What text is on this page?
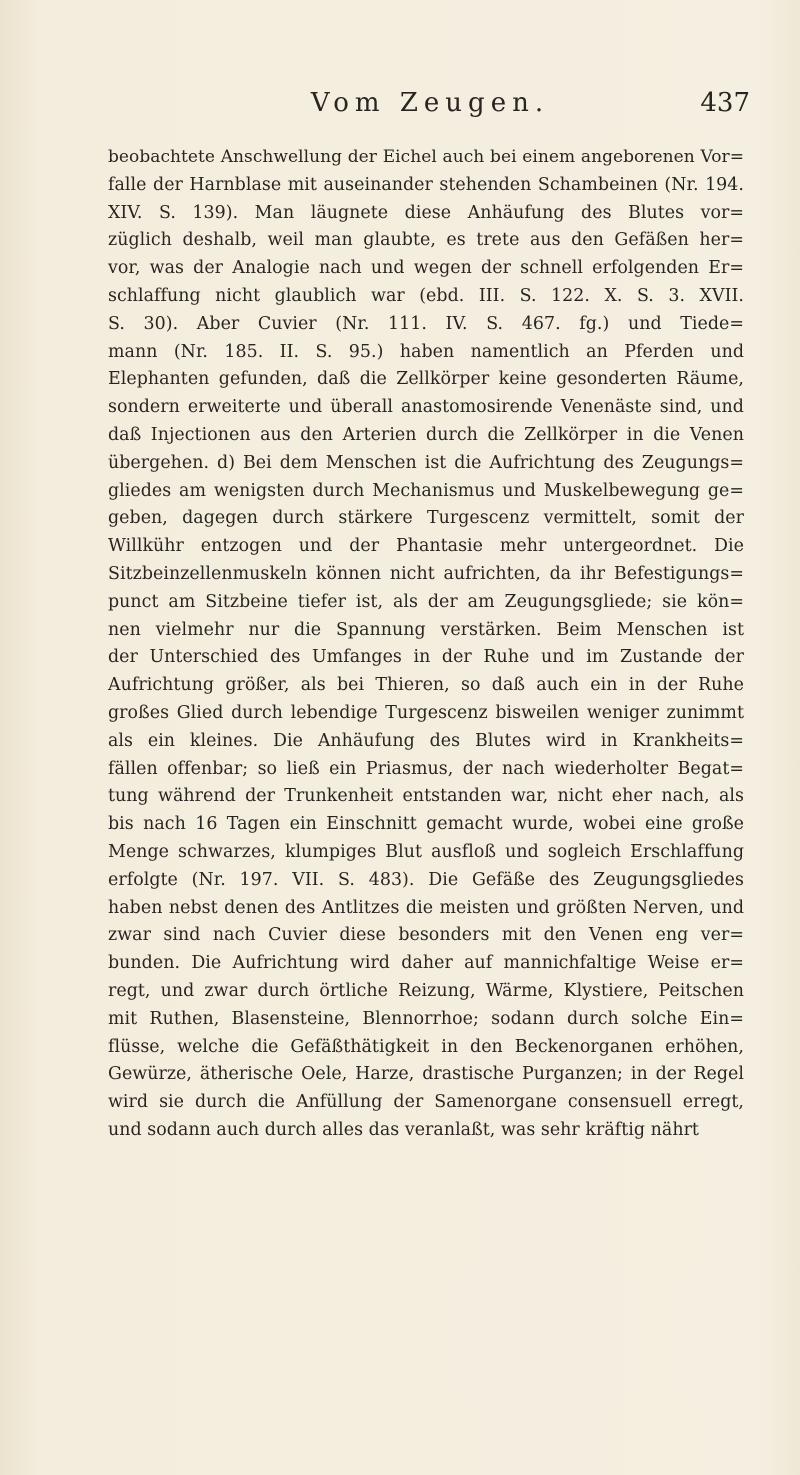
Vom Zeugen.	437
beobachtete Anschwellung der Eichel auch bei einem angeborenen Vor=
falle der Harnblase mit auseinander stehenden Schambeinen (Nr. 194.
XIV. S. 139). Man läugnete diese Anhäufung des Blutes vor=
züglich deshalb, weil man glaubte, es trete aus den Gefäßen her=
vor, was der Analogie nach und wegen der schnell erfolgenden Er=
schlaffung nicht glaublich war (ebd. III. S. 122. X. S. 3. XVII.
S. 30). Aber Cuvier (Nr. 111. IV. S. 467. fg.) und Tiede=
mann (Nr. 185. II. S. 95.) haben namentlich an Pferden und
Elephanten gefunden, daß die Zellkörper keine gesonderten Räume,
sondern erweiterte und überall anastomosirende Venenäste sind, und
daß Injectionen aus den Arterien durch die Zellkörper in die Venen
übergehen. d) Bei dem Menschen ist die Aufrichtung des Zeugungs=
gliedes am wenigsten durch Mechanismus und Muskelbewegung ge=
geben, dagegen durch stärkere Turgescenz vermittelt, somit der
Willkühr entzogen und der Phantasie mehr untergeordnet. Die
Sitzbeinzellenmuskeln können nicht aufrichten, da ihr Befestigungs=
punct am Sitzbeine tiefer ist, als der am Zeugungsgliede; sie kön=
nen vielmehr nur die Spannung verstärken. Beim Menschen ist
der Unterschied des Umfanges in der Ruhe und im Zustande der
Aufrichtung größer, als bei Thieren, so daß auch ein in der Ruhe
großes Glied durch lebendige Turgescenz bisweilen weniger zunimmt
als ein kleines. Die Anhäufung des Blutes wird in Krankheits=
fällen offenbar; so ließ ein Priasmus, der nach wiederholter Begat=
tung während der Trunkenheit entstanden war, nicht eher nach, als
bis nach 16 Tagen ein Einschnitt gemacht wurde, wobei eine große
Menge schwarzes, klumpiges Blut ausfloß und sogleich Erschlaffung
erfolgte (Nr. 197. VII. S. 483). Die Gefäße des Zeugungsgliedes
haben nebst denen des Antlitzes die meisten und größten Nerven, und
zwar sind nach Cuvier diese besonders mit den Venen eng ver=
bunden. Die Aufrichtung wird daher auf mannichfaltige Weise er=
regt, und zwar durch örtliche Reizung, Wärme, Klystiere, Peitschen
mit Ruthen, Blasensteine, Blennorrhoe; sodann durch solche Ein=
flüsse, welche die Gefäßthätigkeit in den Beckenorganen erhöhen,
Gewürze, ätherische Oele, Harze, drastische Purganzen; in der Regel
wird sie durch die Anfüllung der Samenorgane consensuell erregt,
und sodann auch durch alles das veranlaßt, was sehr kräftig nährt
